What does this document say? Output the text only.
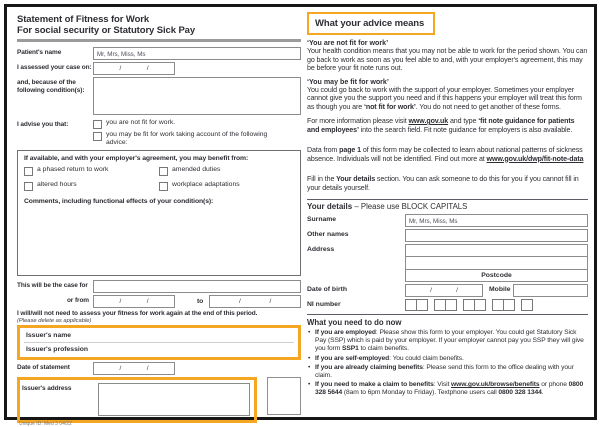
Statement of Fitness for Work
For social security or Statutory Sick Pay
Patient's name	Mr, Mrs, Miss, Ms
I assessed your case on:	/	/
and, because of the following condition(s):
I advise you that:	you are not fit for work.
you may be fit for work taking account of the following advice:
If available, and with your employer's agreement, you may benefit from:
a phased return to work	amended duties
altered hours	workplace adaptations
Comments, including functional effects of your condition(s):
This will be the case for
or from	/	/	to	/	/
I will/will not need to assess your fitness for work again at the end of this period.
(Please delete as applicable)
Issuer's name
Issuer's profession
Date of statement	/	/
Issuer's address
Unique ID: Med 3 04/22
What your advice means
‘You are not fit for work’
Your health condition means that you may not be able to work for the period shown. You can go back to work as soon as you feel able to and, with your employer's agreement, this may be before your fit note runs out.
‘You may be fit for work’
You could go back to work with the support of your employer. Sometimes your employer cannot give you the support you need and if this happens your employer will treat this form as though you are ‘not fit for work’. You do not need to get another of these forms.
For more information please visit www.gov.uk and type ‘fit note guidance for patients and employees’ into the search field. Fit note guidance for employers is also available.
Data from page 1 of this form may be collected to learn about national patterns of sickness absence. Individuals will not be identified. Find out more at www.gov.uk/dwp/fit-note-data
Fill in the Your details section. You can ask someone to do this for you if you cannot fill in your details yourself.
Your details – Please use BLOCK CAPITALS
Surname	Mr, Mrs, Miss, Ms
Other names
Address
Postcode
Date of birth	/	/	Mobile
NI number
What you need to do now
• If you are employed: Please show this form to your employer. You could get Statutory Sick Pay (SSP) which is paid by your employer. If your employer cannot pay you SSP they will give you form SSP1 to claim benefits.
• If you are self-employed: You could claim benefits.
• If you are already claiming benefits: Please send this form to the office dealing with your claim.
• If you need to make a claim to benefits: Visit www.gov.uk/browse/benefits or phone 0800 328 5644 (8am to 6pm Monday to Friday). Textphone users call 0800 328 1344.
